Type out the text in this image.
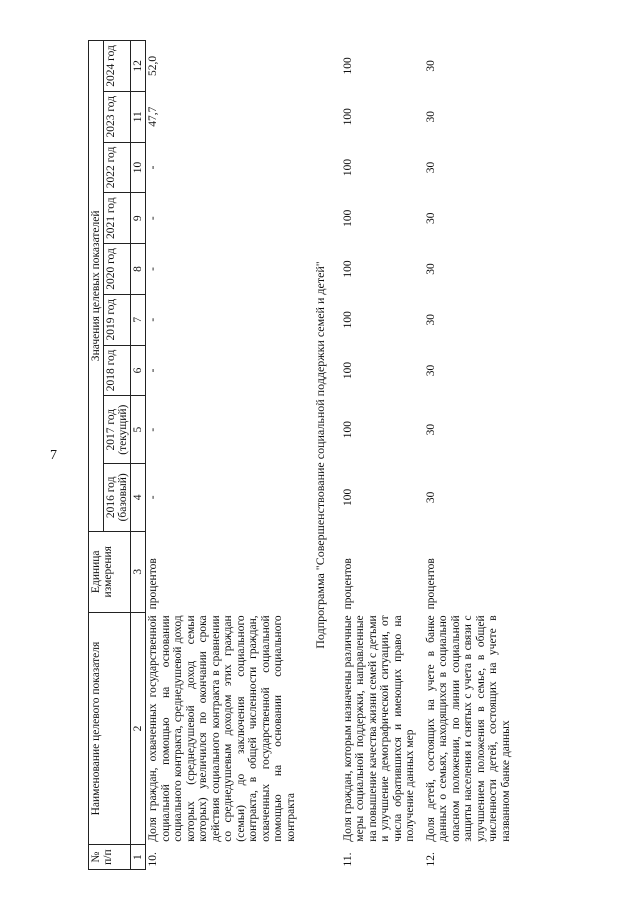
7
№ п/п	Наименование целевого показателя	Единица измерения	Значения целевых показателей								
			2016 год (базовый)	2017 год (текущий)	2018 год	2019 год	2020 год	2021 год	2022 год	2023 год	2024 год
1	2	3	4	5	6	7	8	9	10	11	12
10.	Доля граждан, охваченных государственной социальной помощью на основании социального контракта, среднедушевой доход которых (среднедушевой доход семьи которых) увеличился по окончании срока действия социального контракта в сравнении со среднедушевым доходом этих граждан (семьи) до заключения социального контракта, в общей численности граждан, охваченных государственной социальной помощью на основании социального контракта	процентов	-	-	-	-	-	-	-	47,7	52,0
Подпрограмма "Совершенствование социальной поддержки семей и детей"											
11.	Доля граждан, которым назначены различные меры социальной поддержки, направленные на повышение качества жизни семей с детьми и улучшение демографической ситуации, от числа обратившихся и имеющих право на получение данных мер	процентов	100	100	100	100	100	100	100	100	100

12.	Доля детей, состоящих на учете в банке данных о семьях, находящихся в социально опасном положении, по линии социальной защиты населения и снятых с учета в связи с улучшением положения в семье, в общей численности детей, состоящих на учете в названном банке данных	процентов	30	30	30	30	30	30	30	30	30
